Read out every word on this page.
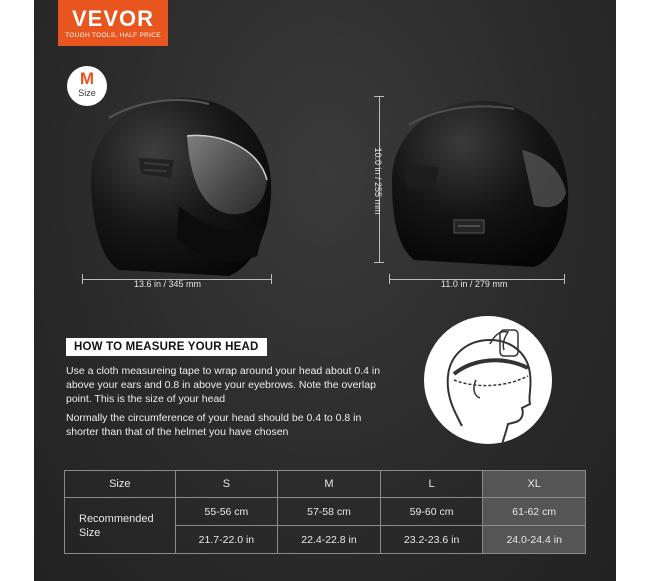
VEVOR
TOUGH TOOLS, HALF PRICE
M
Size
13.6 in / 345 mm
10.0 in / 255 mm
11.0 in / 279 mm
HOW TO MEASURE YOUR HEAD

Use a cloth measureing tape to wrap around your head about 0.4 in above your ears and 0.8 in above your eyebrows. Note the overlap point. This is the size of your head

Normally the circumference of your head should be 0.4 to 0.8 in shorter than that of the helmet you have chosen

Size	S	M	L	XL
Recommended Size	55-56 cm	57-58 cm	59-60 cm	61-62 cm
	21.7-22.0 in	22.4-22.8 in	23.2-23.6 in	24.0-24.4 in
